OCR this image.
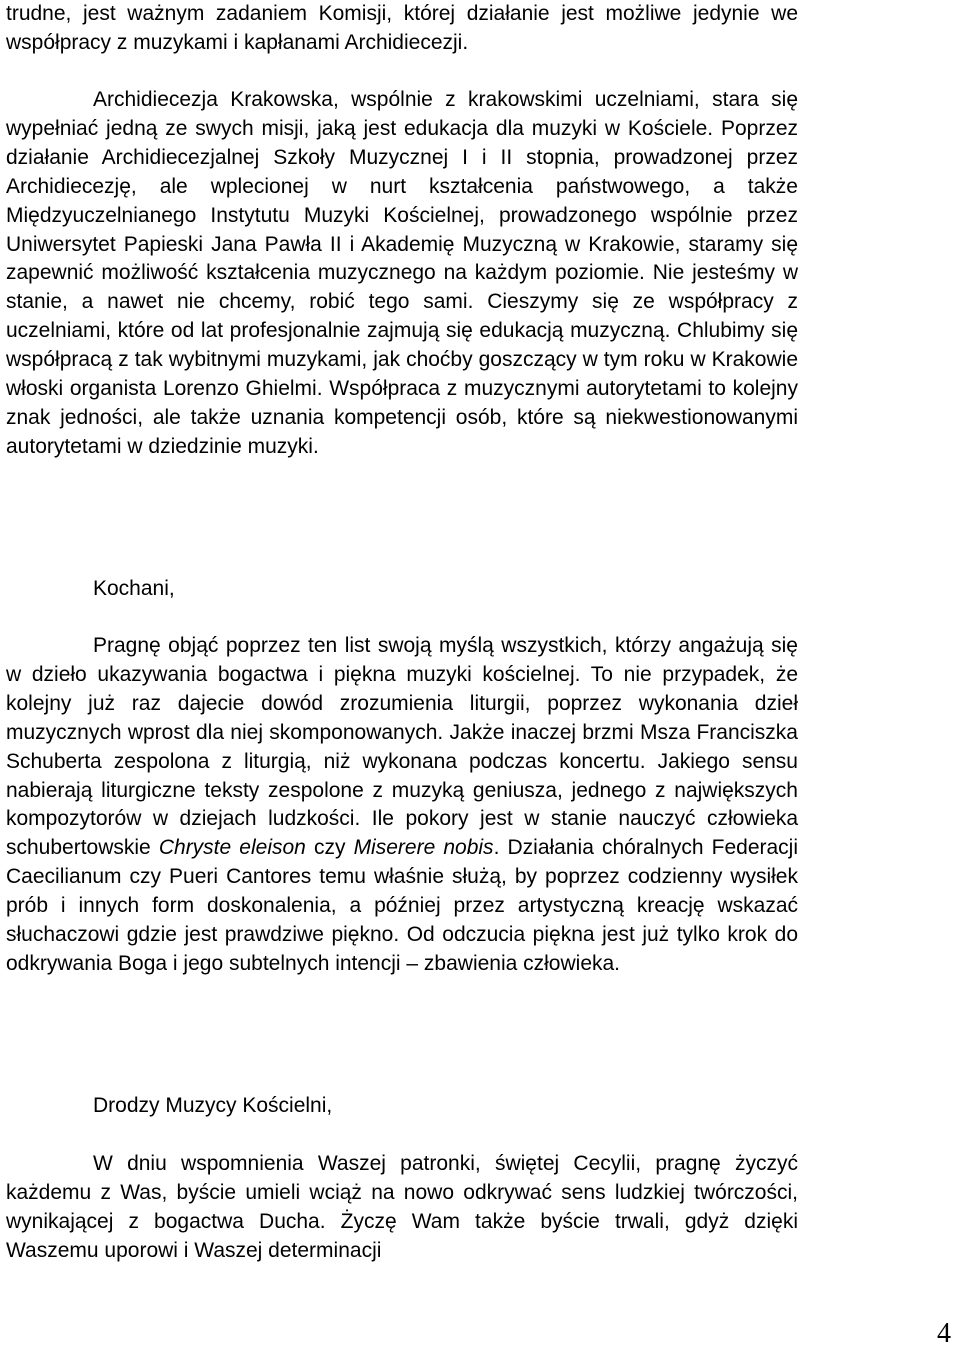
trudne, jest ważnym zadaniem Komisji, której działanie jest możliwe jedynie we współpracy z muzykami i kapłanami Archidiecezji.

Archidiecezja Krakowska, wspólnie z krakowskimi uczelniami, stara się wypełniać jedną ze swych misji, jaką jest edukacja dla muzyki w Kościele. Poprzez działanie Archidiecezjalnej Szkoły Muzycznej I i II stopnia, prowadzonej przez Archidiecezję, ale wplecionej w nurt kształcenia państwowego, a także Międzyuczelnianego Instytutu Muzyki Kościelnej, prowadzonego wspólnie przez Uniwersytet Papieski Jana Pawła II i Akademię Muzyczną w Krakowie, staramy się zapewnić możliwość kształcenia muzycznego na każdym poziomie. Nie jesteśmy w stanie, a nawet nie chcemy, robić tego sami. Cieszymy się ze współpracy z uczelniami, które od lat profesjonalnie zajmują się edukacją muzyczną. Chlubimy się współpracą z tak wybitnymi muzykami, jak choćby goszczący w tym roku w Krakowie włoski organista Lorenzo Ghielmi. Współpraca z muzycznymi autorytetami to kolejny znak jedności, ale także uznania kompetencji osób, które są niekwestionowanymi autorytetami w dziedzinie muzyki.

Kochani,

Pragnę objąć poprzez ten list swoją myślą wszystkich, którzy angażują się w dzieło ukazywania bogactwa i piękna muzyki kościelnej. To nie przypadek, że kolejny już raz dajecie dowód zrozumienia liturgii, poprzez wykonania dzieł muzycznych wprost dla niej skomponowanych. Jakże inaczej brzmi Msza Franciszka Schuberta zespolona z liturgią, niż wykonana podczas koncertu. Jakiego sensu nabierają liturgiczne teksty zespolone z muzyką geniusza, jednego z największych kompozytorów w dziejach ludzkości. Ile pokory jest w stanie nauczyć człowieka schubertowskie Chryste eleison czy Miserere nobis. Działania chóralnych Federacji Caecilianum czy Pueri Cantores temu właśnie służą, by poprzez codzienny wysiłek prób i innych form doskonalenia, a później przez artystyczną kreację wskazać słuchaczowi gdzie jest prawdziwe piękno. Od odczucia piękna jest już tylko krok do odkrywania Boga i jego subtelnych intencji – zbawienia człowieka.

Drodzy Muzycy Kościelni,

W dniu wspomnienia Waszej patronki, świętej Cecylii, pragnę życzyć każdemu z Was, byście umieli wciąż na nowo odkrywać sens ludzkiej twórczości, wynikającej z bogactwa Ducha. Życzę Wam także byście trwali, gdyż dzięki Waszemu uporowi i Waszej determinacji

4
